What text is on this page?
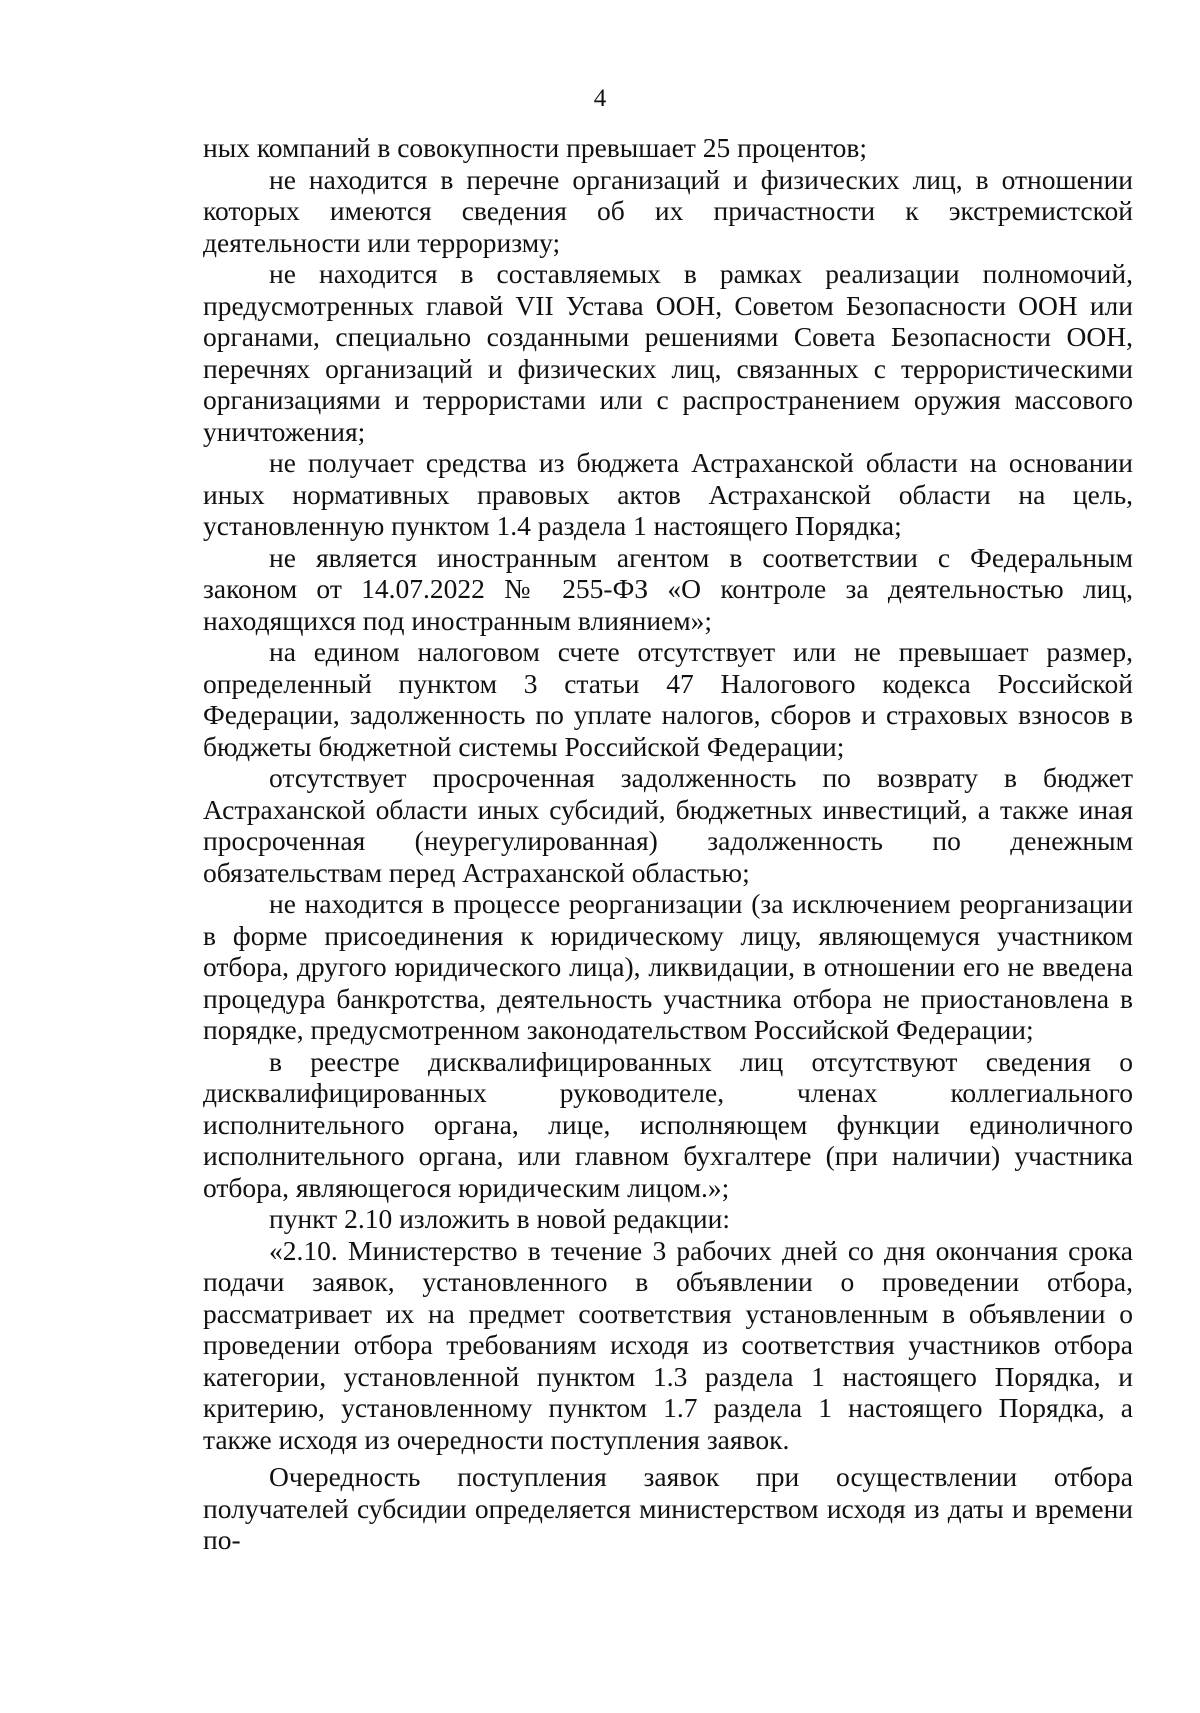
4

ных компаний в совокупности превышает 25 процентов;

не находится в перечне организаций и физических лиц, в отношении которых имеются сведения об их причастности к экстремистской деятельности или терроризму;

не находится в составляемых в рамках реализации полномочий, предусмотренных главой VII Устава ООН, Советом Безопасности ООН или органами, специально созданными решениями Совета Безопасности ООН, перечнях организаций и физических лиц, связанных с террористическими организациями и террористами или с распространением оружия массового уничтожения;

не получает средства из бюджета Астраханской области на основании иных нормативных правовых актов Астраханской области на цель, установленную пунктом 1.4 раздела 1 настоящего Порядка;

не является иностранным агентом в соответствии с Федеральным законом от 14.07.2022 № 255-ФЗ «О контроле за деятельностью лиц, находящихся под иностранным влиянием»;

на едином налоговом счете отсутствует или не превышает размер, определенный пунктом 3 статьи 47 Налогового кодекса Российской Федерации, задолженность по уплате налогов, сборов и страховых взносов в бюджеты бюджетной системы Российской Федерации;

отсутствует просроченная задолженность по возврату в бюджет Астраханской области иных субсидий, бюджетных инвестиций, а также иная просроченная (неурегулированная) задолженность по денежным обязательствам перед Астраханской областью;

не находится в процессе реорганизации (за исключением реорганизации в форме присоединения к юридическому лицу, являющемуся участником отбора, другого юридического лица), ликвидации, в отношении его не введена процедура банкротства, деятельность участника отбора не приостановлена в порядке, предусмотренном законодательством Российской Федерации;

в реестре дисквалифицированных лиц отсутствуют сведения о дисквалифицированных руководителе, членах коллегиального исполнительного органа, лице, исполняющем функции единоличного исполнительного органа, или главном бухгалтере (при наличии) участника отбора, являющегося юридическим лицом.»;

пункт 2.10 изложить в новой редакции:

«2.10. Министерство в течение 3 рабочих дней со дня окончания срока подачи заявок, установленного в объявлении о проведении отбора, рассматривает их на предмет соответствия установленным в объявлении о проведении отбора требованиям исходя из соответствия участников отбора категории, установленной пунктом 1.3 раздела 1 настоящего Порядка, и критерию, установленному пунктом 1.7 раздела 1 настоящего Порядка, а также исходя из очередности поступления заявок.

Очередность поступления заявок при осуществлении отбора получателей субсидии определяется министерством исходя из даты и времени по-
